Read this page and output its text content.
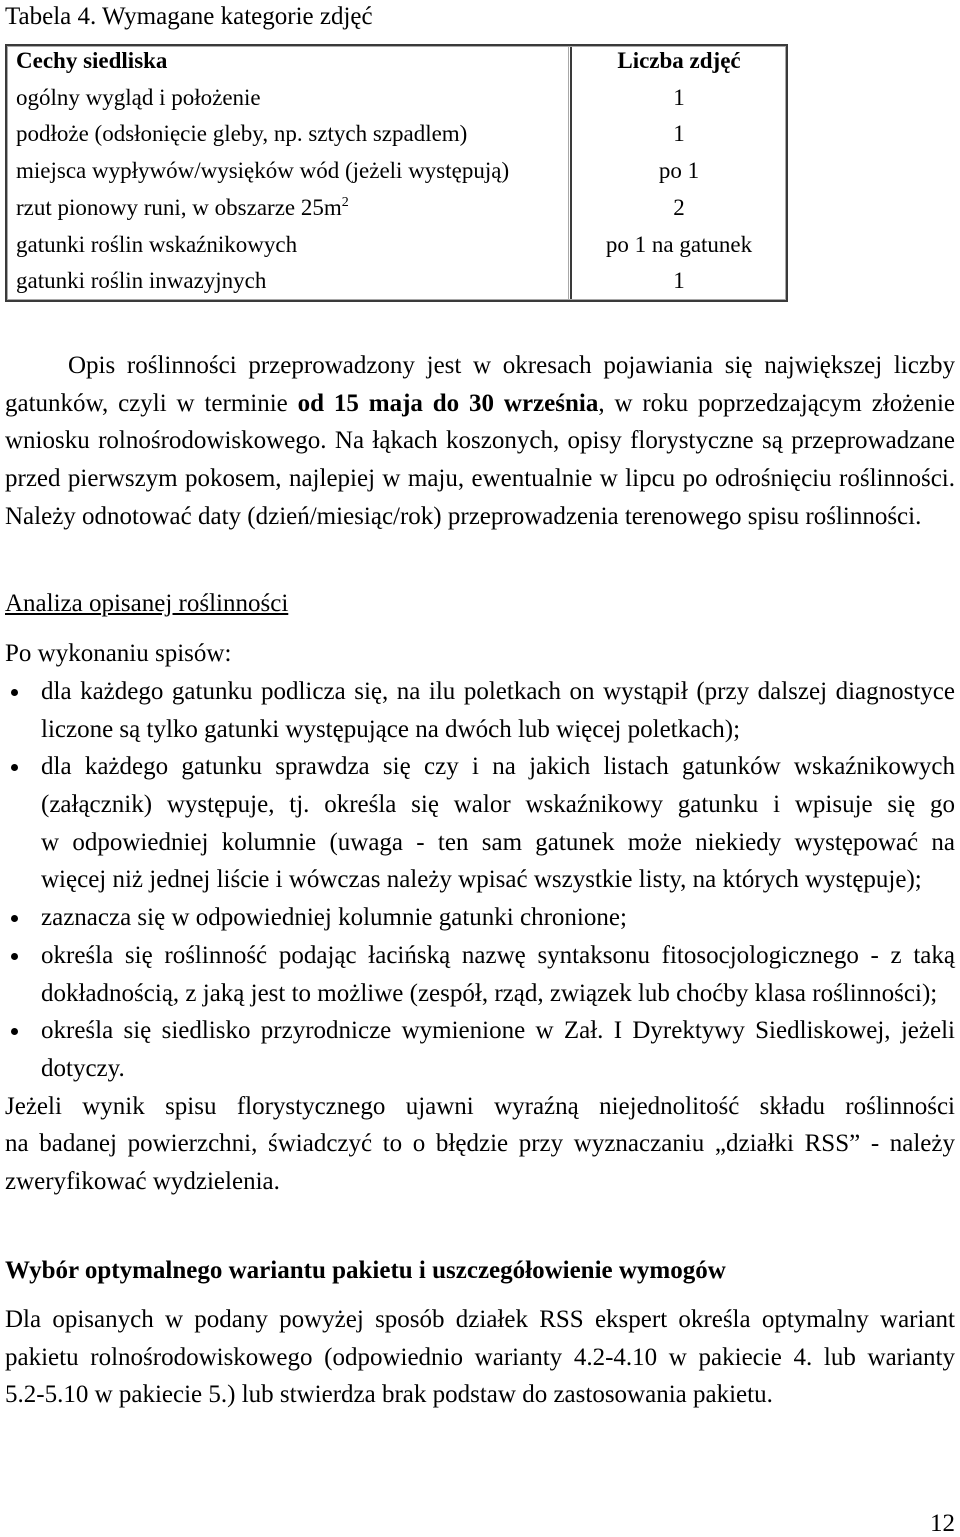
Tabela 4. Wymagane kategorie zdjęć
Cechy siedliska	Liczba zdjęć
ogólny wygląd i położenie	1
podłoże (odsłonięcie gleby, np. sztych szpadlem)	1
miejsca wypływów/wysięków wód (jeżeli występują)	po 1
rzut pionowy runi, w obszarze $25m^2$	2
gatunki roślin wskaźnikowych	po 1 na gatunek
gatunki roślin inwazyjnych	1
Opis roślinności przeprowadzony jest w okresach pojawiania się największej liczby
gatunków, czyli w terminie od 15 maja do 30 września, w roku poprzedzającym złożenie
wniosku rolnośrodowiskowego. Na łąkach koszonych, opisy florystyczne są przeprowadzane
przed pierwszym pokosem, najlepiej w maju, ewentualnie w lipcu po odrośnięciu roślinności.
Należy odnotować daty (dzień/miesiąc/rok) przeprowadzenia terenowego spisu roślinności.
Analiza opisanej roślinności
Po wykonaniu spisów:
dla każdego gatunku podlicza się, na ilu poletkach on wystąpił (przy dalszej diagnostyce
liczone są tylko gatunki występujące na dwóch lub więcej poletkach);
dla każdego gatunku sprawdza się czy i na jakich listach gatunków wskaźnikowych
(załącznik) występuje, tj. określa się walor wskaźnikowy gatunku i wpisuje się go
w odpowiedniej kolumnie (uwaga - ten sam gatunek może niekiedy występować na
więcej niż jednej liście i wówczas należy wpisać wszystkie listy, na których występuje);
zaznacza się w odpowiedniej kolumnie gatunki chronione;
określa się roślinność podając łacińską nazwę syntaksonu fitosocjologicznego - z taką
dokładnością, z jaką jest to możliwe (zespół, rząd, związek lub choćby klasa roślinności);
określa się siedlisko przyrodnicze wymienione w Zał. I Dyrektywy Siedliskowej, jeżeli
dotyczy.
Jeżeli wynik spisu florystycznego ujawni wyraźną niejednolitość składu roślinności
na badanej powierzchni, świadczyć to o błędzie przy wyznaczaniu „działki RSS” - należy
zweryfikować wydzielenia.
Wybór optymalnego wariantu pakietu i uszczegółowienie wymogów
Dla opisanych w podany powyżej sposób działek RSS ekspert określa optymalny wariant
pakietu rolnośrodowiskowego (odpowiednio warianty 4.2-4.10 w pakiecie 4. lub warianty
5.2-5.10 w pakiecie 5.) lub stwierdza brak podstaw do zastosowania pakietu.
12
